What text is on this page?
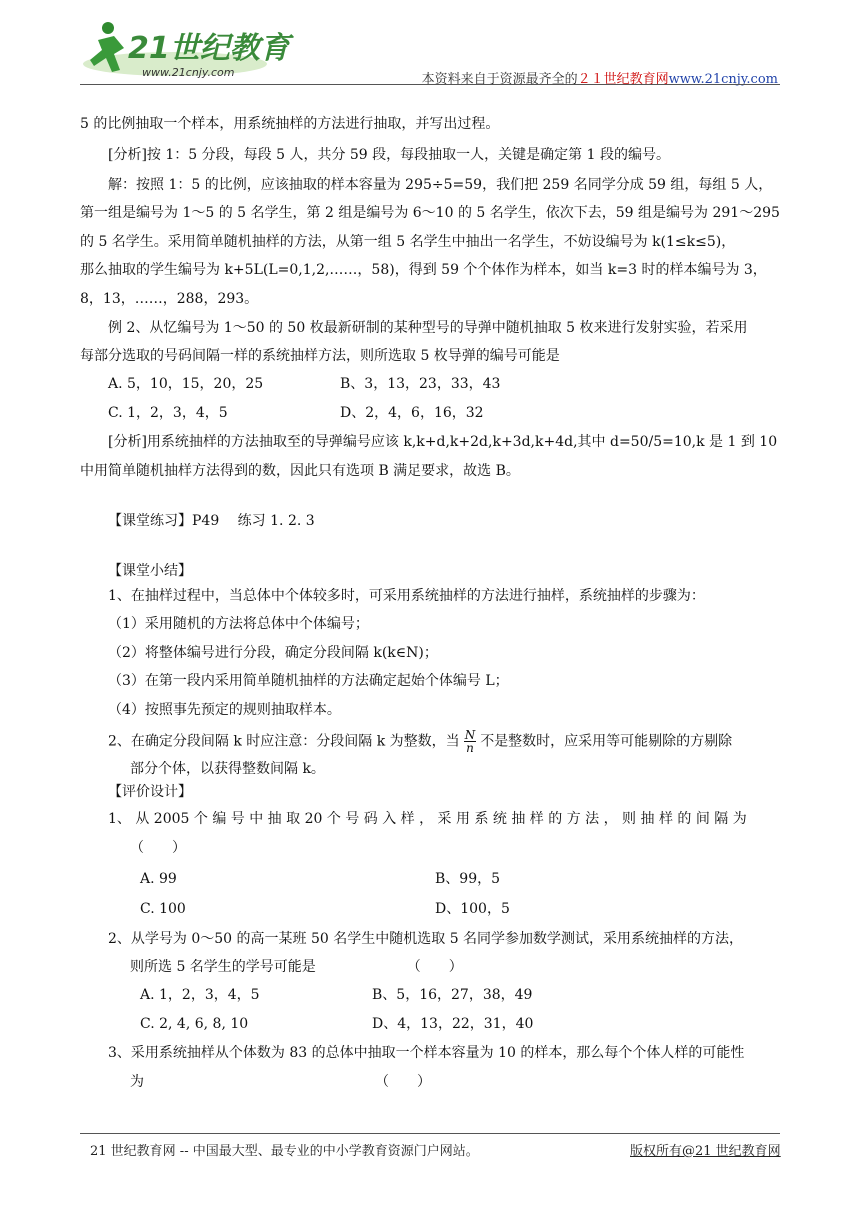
21世纪教育
www.21cnjy.com	本资料来自于资源最齐全的２１世纪教育网www.21cnjy.com
5 的比例抽取一个样本，用系统抽样的方法进行抽取，并写出过程。
[分析]按 1：5 分段，每段 5 人，共分 59 段，每段抽取一人，关键是确定第 1 段的编号。
解：按照 1：5 的比例，应该抽取的样本容量为 295÷5=59，我们把 259 名同学分成 59 组，每组 5 人，
第一组是编号为 1～5 的 5 名学生，第 2 组是编号为 6～10 的 5 名学生，依次下去，59 组是编号为 291～295
的 5 名学生。采用简单随机抽样的方法，从第一组 5 名学生中抽出一名学生，不妨设编号为 k(1≤k≤5)，
那么抽取的学生编号为 k+5L(L=0,1,2,……，58)，得到 59 个个体作为样本，如当 k=3 时的样本编号为 3，
8，13，……，288，293。
例 2、从忆编号为 1～50 的 50 枚最新研制的某种型号的导弹中随机抽取 5 枚来进行发射实验，若采用
每部分选取的号码间隔一样的系统抽样方法，则所选取 5 枚导弹的编号可能是
A. 5，10，15，20，25	B、3，13，23，33，43
C. 1，2，3，4，5	D、2，4，6，16，32
[分析]用系统抽样的方法抽取至的导弹编号应该 k,k+d,k+2d,k+3d,k+4d,其中 d=50/5=10,k 是 1 到 10
中用简单随机抽样方法得到的数，因此只有选项 B 满足要求，故选 B。
【课堂练习】P49　 练习 1. 2. 3
【课堂小结】
1、在抽样过程中，当总体中个体较多时，可采用系统抽样的方法进行抽样，系统抽样的步骤为：
（1）采用随机的方法将总体中个体编号；
（2）将整体编号进行分段，确定分段间隔 k(k∈N)；
（3）在第一段内采用简单随机抽样的方法确定起始个体编号 L；
（4）按照事先预定的规则抽取样本。
2、在确定分段间隔 k 时应注意：分段间隔 k 为整数，当 $\frac{N}{n}$ 不是整数时，应采用等可能剔除的方剔除
部分个体，以获得整数间隔 k。
【评价设计】
1、 从 2005 个 编 号 中 抽 取 20 个 号 码 入 样 ， 采 用 系 统 抽 样 的 方 法 ， 则 抽 样 的 间 隔 为
（　　）
A. 99	B、99，5
C. 100	D、100，5
2、从学号为 0～50 的高一某班 50 名学生中随机选取 5 名同学参加数学测试，采用系统抽样的方法，
则所选 5 名学生的学号可能是　　　　　　　（　　）
A. 1，2，3，4，5	B、5，16，27，38，49
C. 2, 4, 6, 8, 10	D、4，13，22，31，40
3、采用系统抽样从个体数为 83 的总体中抽取一个样本容量为 10 的样本，那么每个个体人样的可能性
为　　　　　　　　　　　　　　　　　（　　）
21 世纪教育网 -- 中国最大型、最专业的中小学教育资源门户网站。	版权所有@21 世纪教育网
